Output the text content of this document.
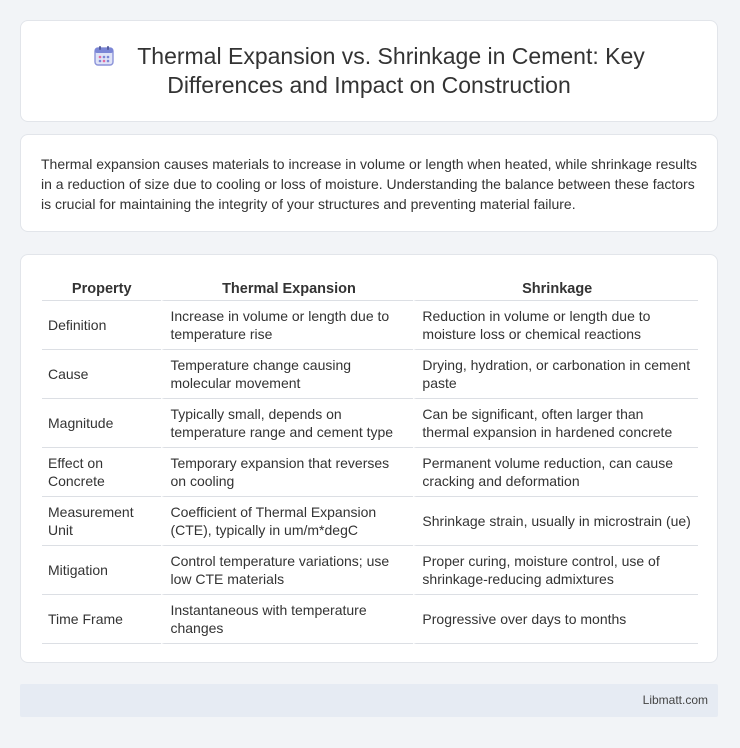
Thermal Expansion vs. Shrinkage in Cement: Key Differences and Impact on Construction
Thermal expansion causes materials to increase in volume or length when heated, while shrinkage results in a reduction of size due to cooling or loss of moisture. Understanding the balance between these factors is crucial for maintaining the integrity of your structures and preventing material failure.
Property	Thermal Expansion	Shrinkage
Definition	Increase in volume or length due to temperature rise	Reduction in volume or length due to moisture loss or chemical reactions
Cause	Temperature change causing molecular movement	Drying, hydration, or carbonation in cement paste
Magnitude	Typically small, depends on temperature range and cement type	Can be significant, often larger than thermal expansion in hardened concrete
Effect on Concrete	Temporary expansion that reverses on cooling	Permanent volume reduction, can cause cracking and deformation
Measurement Unit	Coefficient of Thermal Expansion (CTE), typically in um/m*degC	Shrinkage strain, usually in microstrain (ue)
Mitigation	Control temperature variations; use low CTE materials	Proper curing, moisture control, use of shrinkage-reducing admixtures
Time Frame	Instantaneous with temperature changes	Progressive over days to months
Libmatt.com
